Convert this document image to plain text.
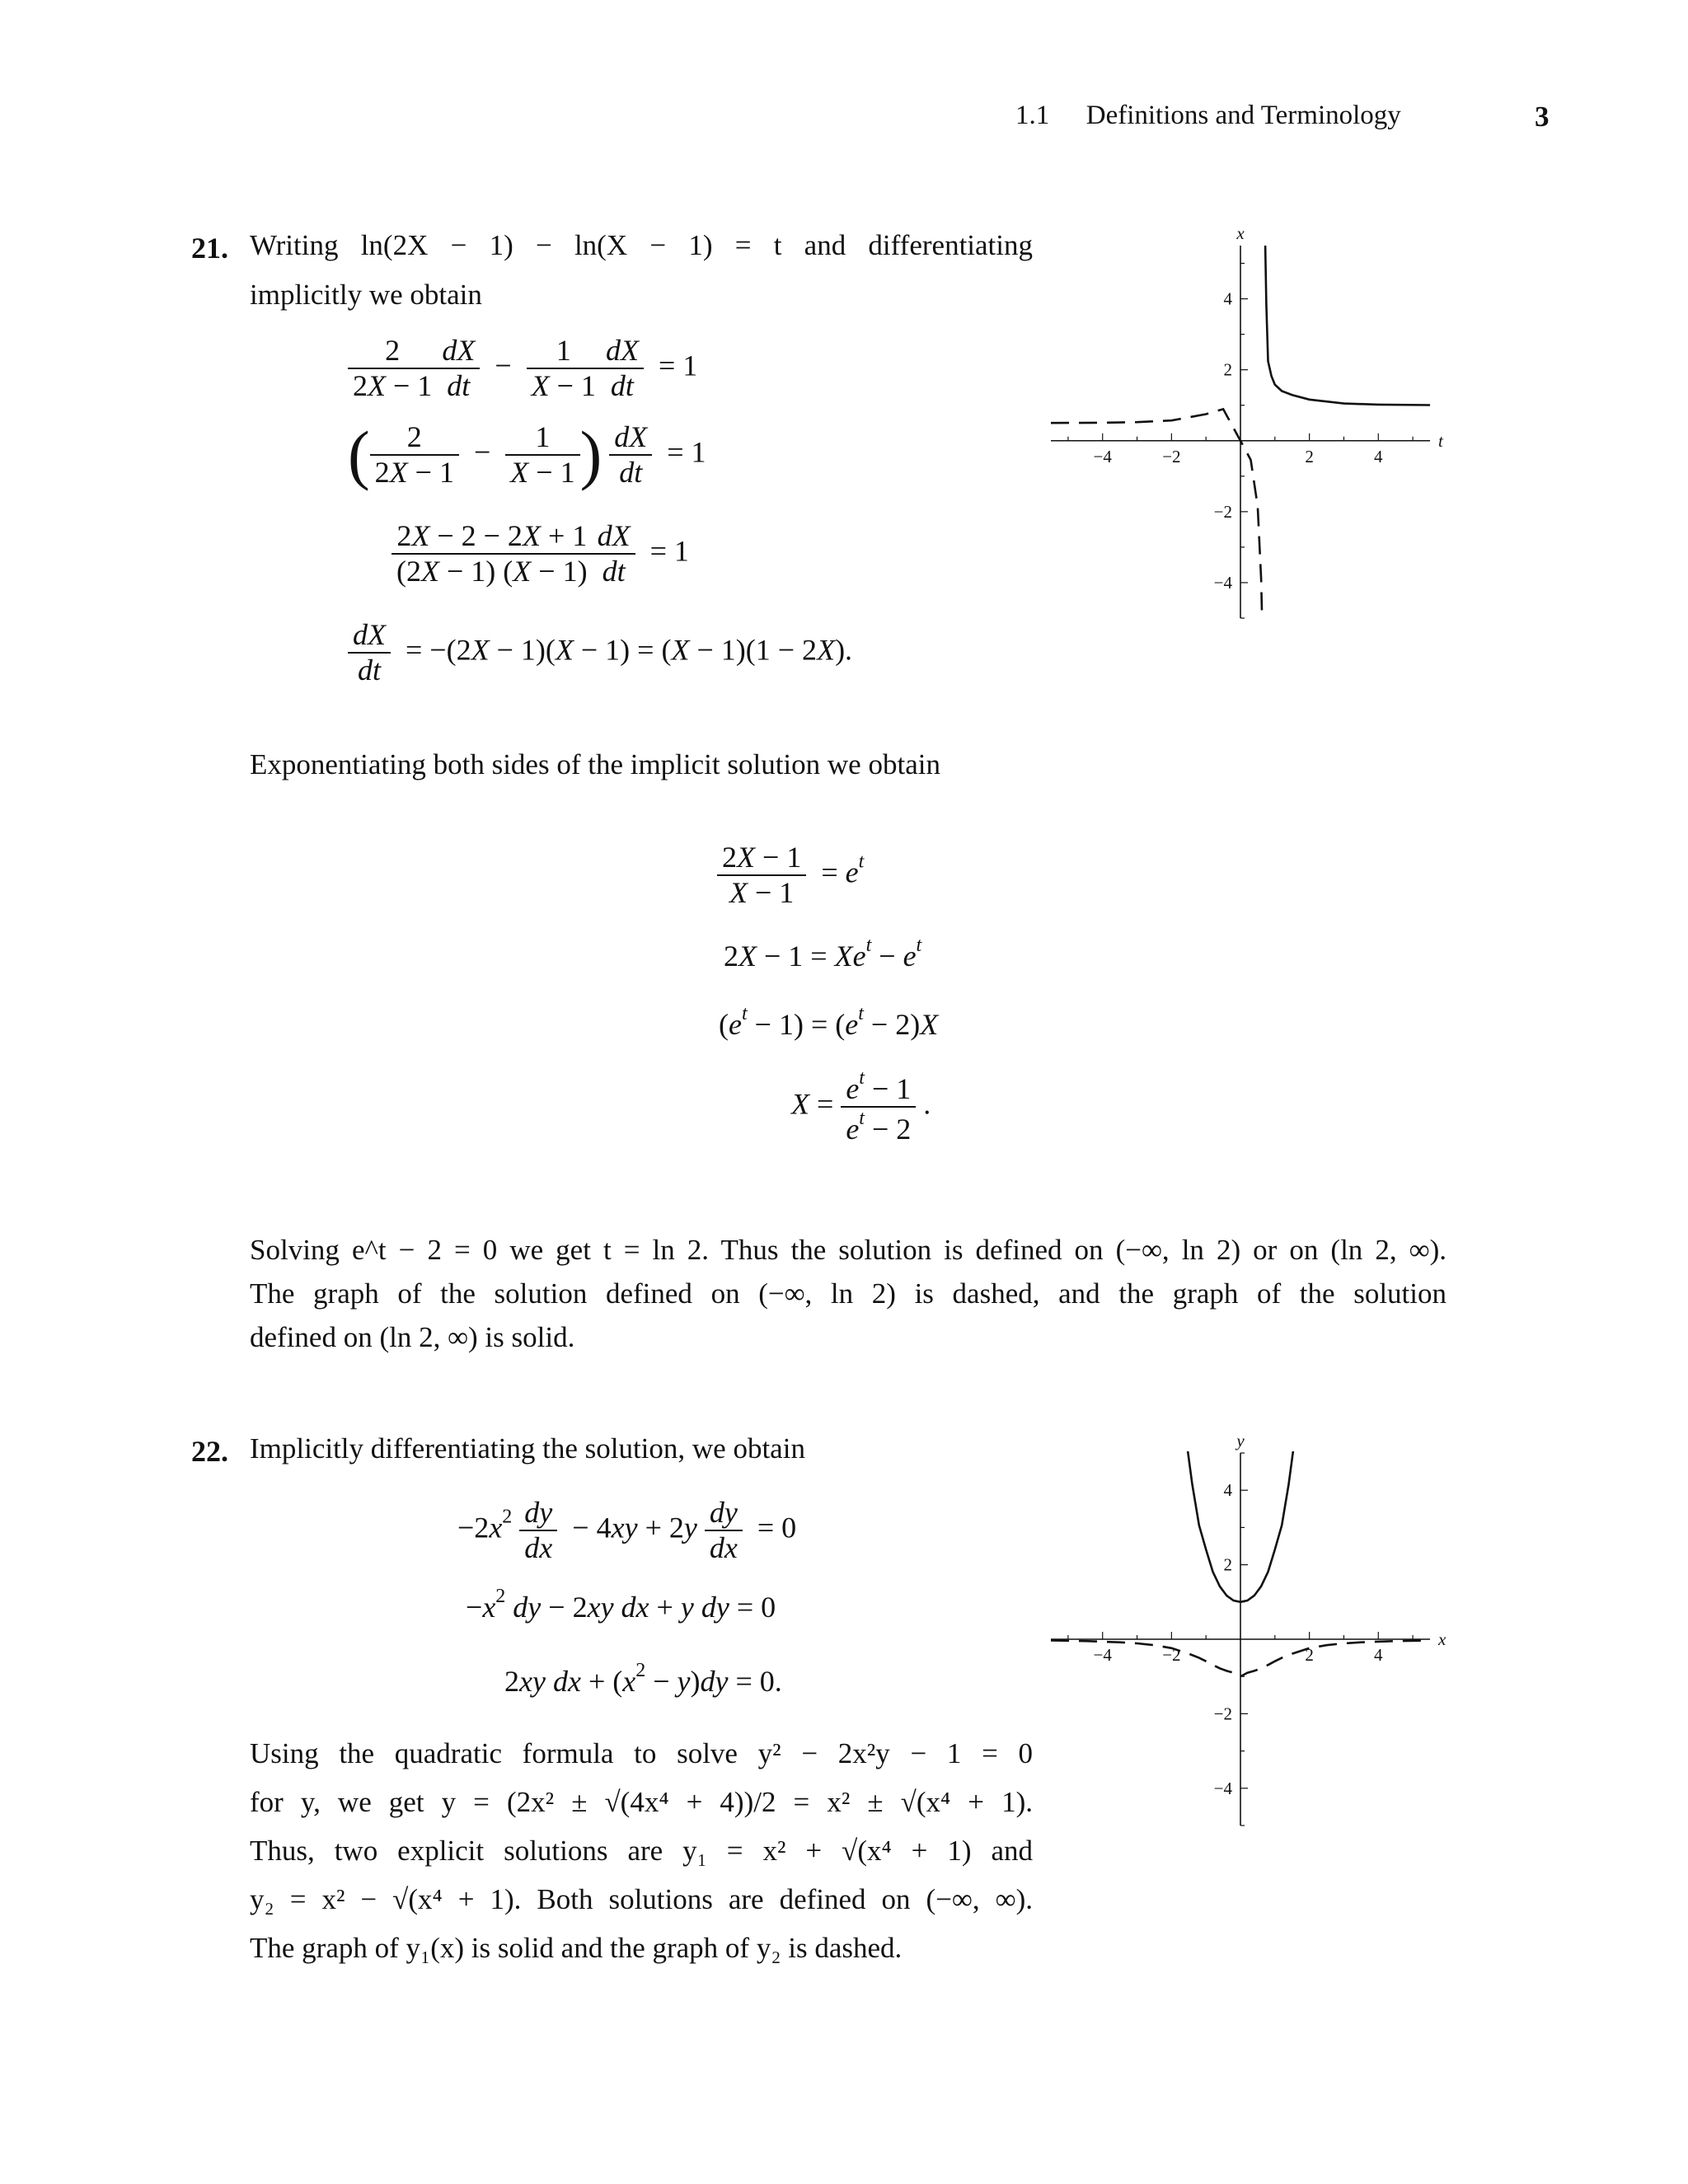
1.1 Definitions and Terminology	3
21. Writing ln(2X − 1) − ln(X − 1) = t and differentiating
implicitly we obtain
$\frac{2}{2X - 1} \frac{dX}{dt} - \frac{1}{X - 1} \frac{dX}{dt} = 1$
( $\frac{2}{2X - 1} - \frac{1}{X - 1}$ ) $\frac{dX}{dt} = 1$
$\frac{2X - 2 - 2X + 1}{(2X - 1) (X - 1)} \frac{dX}{dt} = 1$
$\frac{dX}{dt} = -(2X - 1)(X - 1) = (X - 1)(1 - 2X)$.
Exponentiating both sides of the implicit solution we obtain
$\frac{2X - 1}{X - 1} = e^t$
$2X - 1 = Xe^t - e^t$
$(e^t - 1) = (e^t - 2)X$
$X = \frac{e^t - 1}{e^t - 2}$ .

Solving e^t − 2 = 0 we get t = ln 2. Thus the solution is defined on (−∞, ln 2) or on (ln 2, ∞).

The graph of the solution defined on (−∞, ln 2) is dashed, and the graph of the solution

defined on (ln 2, ∞) is solid.

22. Implicitly differentiating the solution, we obtain
$-2x^2 \frac{dy}{dx} - 4xy + 2y \frac{dy}{dx} = 0$
$-x^2$ dy − 2xy dx + y dy = 0
2xy dx + $(x^2 - y)dy = 0$.

Using the quadratic formula to solve y² − 2x²y − 1 = 0

for y, we get y = (2x² ± √(4x⁴ + 4))/2 = x² ± √(x⁴ + 1).

Thus, two explicit solutions are y₁ = x² + √(x⁴ + 1) and

y₂ = x² − √(x⁴ + 1). Both solutions are defined on (−∞, ∞).

The graph of y₁(x) is solid and the graph of y₂ is dashed.

−4	−2	2	4
4
2
−2
−4
t
x
−4	−2	2	4
4
2
−2
−4
x
y
